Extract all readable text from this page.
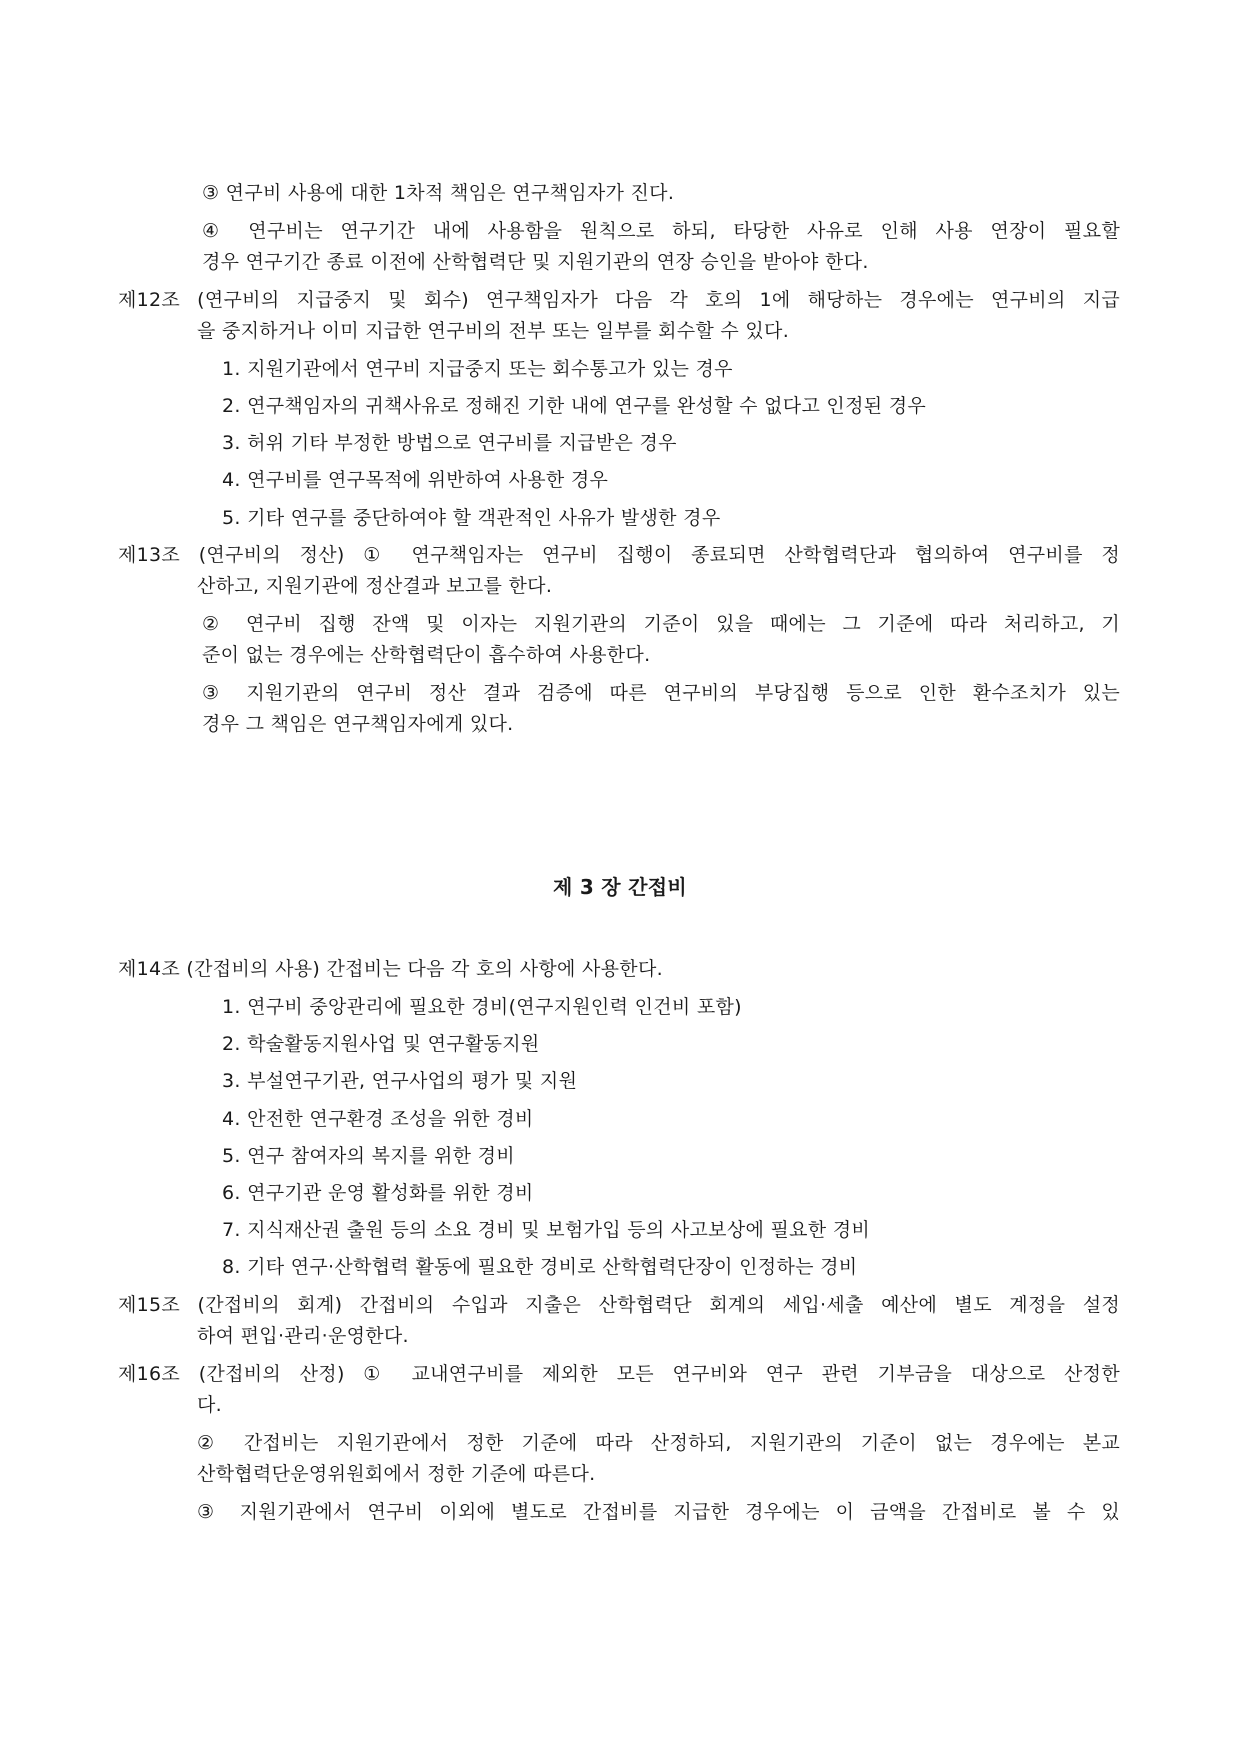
③ 연구비 사용에 대한 1차적 책임은 연구책임자가 진다.
④ 연구비는 연구기간 내에 사용함을 원칙으로 하되, 타당한 사유로 인해 사용 연장이 필요할
경우 연구기간 종료 이전에 산학협력단 및 지원기관의 연장 승인을 받아야 한다.
제12조 (연구비의 지급중지 및 회수) 연구책임자가 다음 각 호의 1에 해당하는 경우에는 연구비의 지급
을 중지하거나 이미 지급한 연구비의 전부 또는 일부를 회수할 수 있다.
1. 지원기관에서 연구비 지급중지 또는 회수통고가 있는 경우
2. 연구책임자의 귀책사유로 정해진 기한 내에 연구를 완성할 수 없다고 인정된 경우
3. 허위 기타 부정한 방법으로 연구비를 지급받은 경우
4. 연구비를 연구목적에 위반하여 사용한 경우
5. 기타 연구를 중단하여야 할 객관적인 사유가 발생한 경우
제13조 (연구비의 정산) ① 연구책임자는 연구비 집행이 종료되면 산학협력단과 협의하여 연구비를 정
산하고, 지원기관에 정산결과 보고를 한다.
② 연구비 집행 잔액 및 이자는 지원기관의 기준이 있을 때에는 그 기준에 따라 처리하고, 기
준이 없는 경우에는 산학협력단이 흡수하여 사용한다.
③ 지원기관의 연구비 정산 결과 검증에 따른 연구비의 부당집행 등으로 인한 환수조치가 있는
경우 그 책임은 연구책임자에게 있다.
제 3 장 간접비
제14조 (간접비의 사용) 간접비는 다음 각 호의 사항에 사용한다.
1. 연구비 중앙관리에 필요한 경비(연구지원인력 인건비 포함)
2. 학술활동지원사업 및 연구활동지원
3. 부설연구기관, 연구사업의 평가 및 지원
4. 안전한 연구환경 조성을 위한 경비
5. 연구 참여자의 복지를 위한 경비
6. 연구기관 운영 활성화를 위한 경비
7. 지식재산권 출원 등의 소요 경비 및 보험가입 등의 사고보상에 필요한 경비
8. 기타 연구·산학협력 활동에 필요한 경비로 산학협력단장이 인정하는 경비
제15조 (간접비의 회계) 간접비의 수입과 지출은 산학협력단 회계의 세입·세출 예산에 별도 계정을 설정
하여 편입·관리·운영한다.
제16조 (간접비의 산정) ① 교내연구비를 제외한 모든 연구비와 연구 관련 기부금을 대상으로 산정한
다.
② 간접비는 지원기관에서 정한 기준에 따라 산정하되, 지원기관의 기준이 없는 경우에는 본교
산학협력단운영위원회에서 정한 기준에 따른다.
③ 지원기관에서 연구비 이외에 별도로 간접비를 지급한 경우에는 이 금액을 간접비로 볼 수 있
